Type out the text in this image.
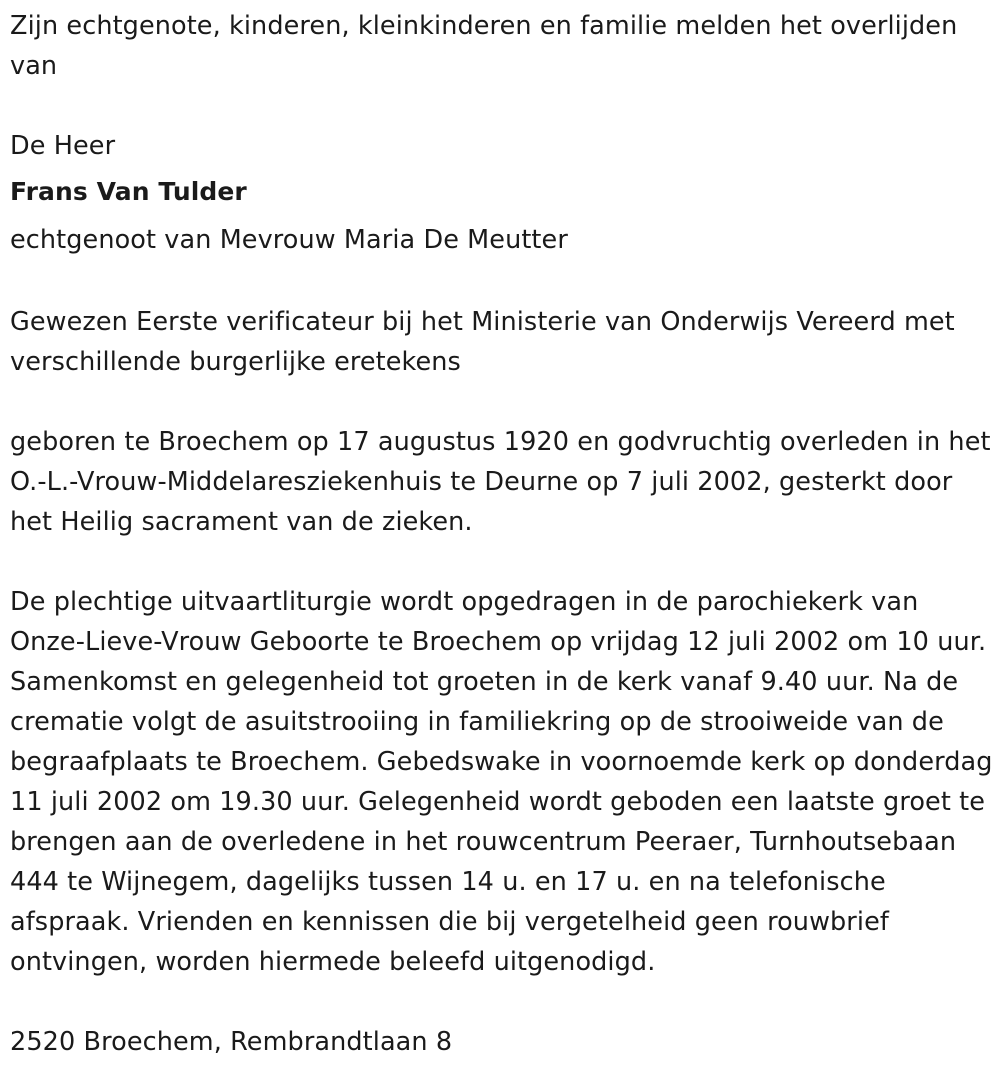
Zijn echtgenote, kinderen, kleinkinderen en familie melden het overlijden van

De Heer

Frans Van Tulder

echtgenoot van Mevrouw Maria De Meutter

Gewezen Eerste verificateur bij het Ministerie van Onderwijs Vereerd met verschillende burgerlijke eretekens

geboren te Broechem op 17 augustus 1920 en godvruchtig overleden in het O.-L.-Vrouw-Middelaresziekenhuis te Deurne op 7 juli 2002, gesterkt door het Heilig sacrament van de zieken.

De plechtige uitvaartliturgie wordt opgedragen in de parochiekerk van Onze-Lieve-Vrouw Geboorte te Broechem op vrijdag 12 juli 2002 om 10 uur. Samenkomst en gelegenheid tot groeten in de kerk vanaf 9.40 uur. Na de crematie volgt de asuitstrooiing in familiekring op de strooiweide van de begraafplaats te Broechem. Gebedswake in voornoemde kerk op donderdag 11 juli 2002 om 19.30 uur. Gelegenheid wordt geboden een laatste groet te brengen aan de overledene in het rouwcentrum Peeraer, Turnhoutsebaan 444 te Wijnegem, dagelijks tussen 14 u. en 17 u. en na telefonische afspraak. Vrienden en kennissen die bij vergetelheid geen rouwbrief ontvingen, worden hiermede beleefd uitgenodigd.

2520 Broechem, Rembrandtlaan 8
